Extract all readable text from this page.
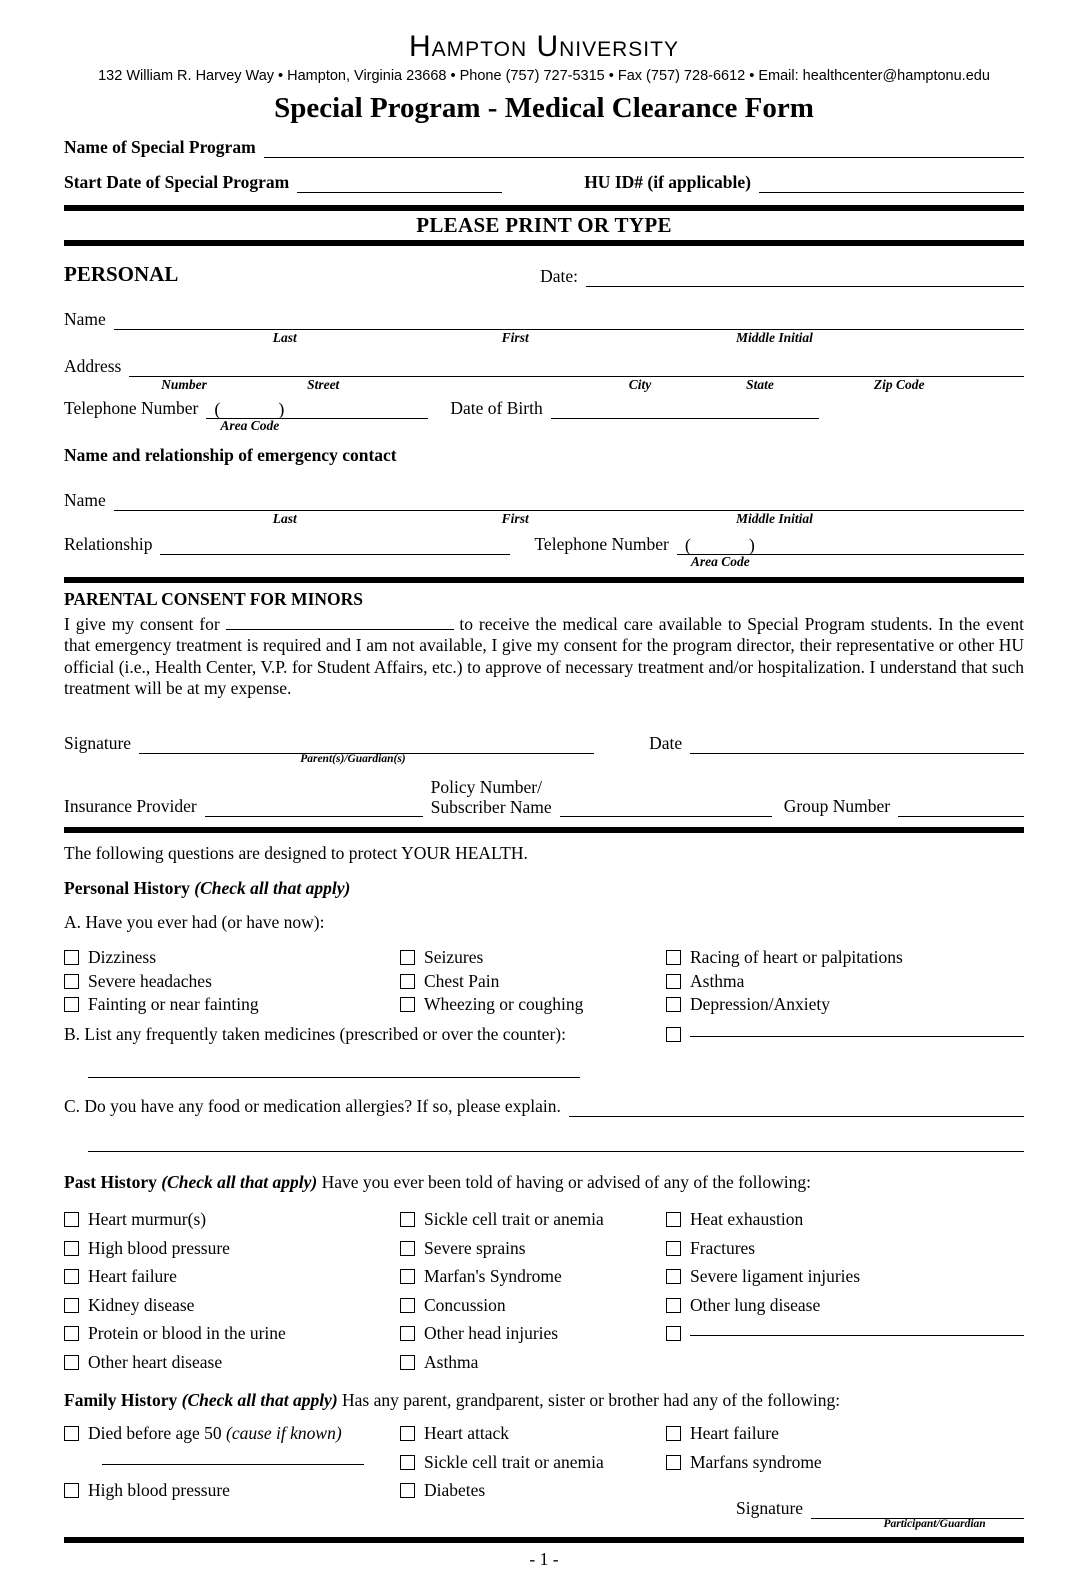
Hampton University
132 William R. Harvey Way • Hampton, Virginia 23668 • Phone (757) 727-5315 • Fax (757) 728-6612 • Email: healthcenter@hamptonu.edu
Special Program - Medical Clearance Form
Name of Special Program
Start Date of Special Program	HU ID# (if applicable)
PLEASE PRINT OR TYPE
PERSONAL	Date:
Name
Last	First	Middle Initial
Address
Number	Street	City	State	Zip Code
Telephone Number (	)
Area Code
Date of Birth
Name and relationship of emergency contact
Name
Last	First	Middle Initial
Relationship	Telephone Number (	)
Area Code
PARENTAL CONSENT FOR MINORS

I give my consent for	to receive the medical care available to Special Program students. In the event that emergency treatment is required and I am not available, I give my consent for the program director, their representative or other HU official (i.e., Health Center, V.P. for Student Affairs, etc.) to approve of necessary treatment and/or hospitalization. I understand that such treatment will be at my expense.

Signature
Parent(s)/Guardian(s)
Date
Insurance Provider
Policy Number/
Subscriber Name	Group Number
The following questions are designed to protect YOUR HEALTH.
Personal History (Check all that apply)
A. Have you ever had (or have now):
Dizziness
Severe headaches
Fainting or near fainting
Seizures
Chest Pain
Wheezing or coughing
Racing of heart or palpitations
Asthma
Depression/Anxiety
B. List any frequently taken medicines (prescribed or over the counter):
C. Do you have any food or medication allergies? If so, please explain.
Past History (Check all that apply) Have you ever been told of having or advised of any of the following:
Heart murmur(s)
High blood pressure
Heart failure
Kidney disease
Protein or blood in the urine
Other heart disease
Sickle cell trait or anemia
Severe sprains
Marfan's Syndrome
Concussion
Other head injuries
Asthma
Heat exhaustion
Fractures
Severe ligament injuries
Other lung disease
Family History (Check all that apply) Has any parent, grandparent, sister or brother had any of the following:
Died before age 50 (cause if known)
High blood pressure
Heart attack
Sickle cell trait or anemia
Diabetes
Heart failure
Marfans syndrome
Signature
Participant/Guardian
- 1 -
